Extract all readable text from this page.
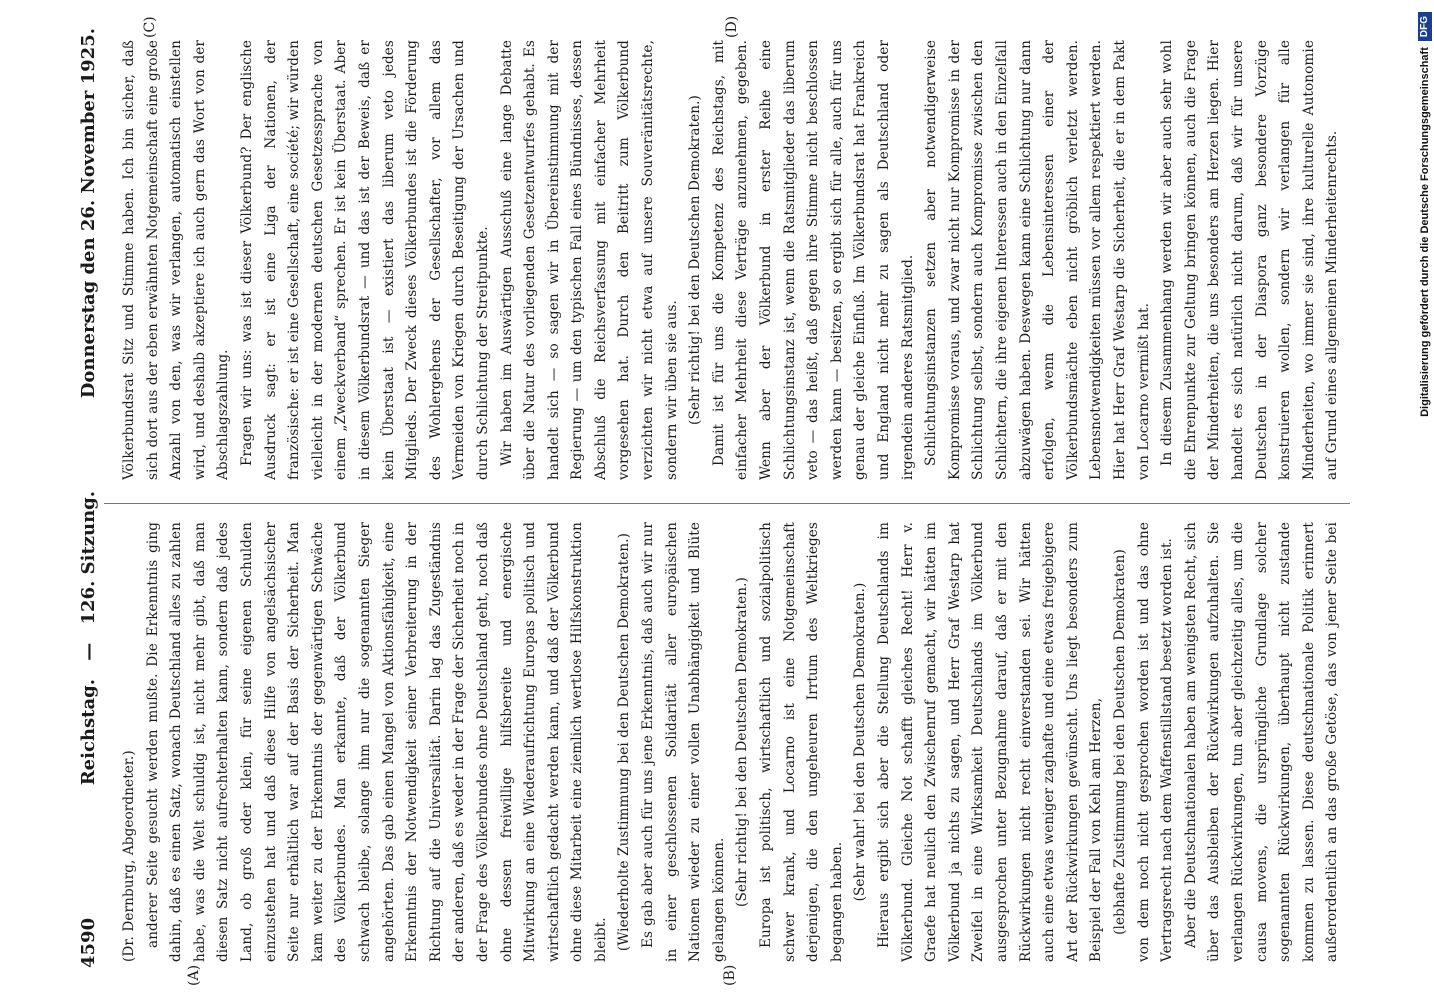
4590
Reichstag. — 126. Sitzung.
Donnerstag den 26. November 1925.

(Dr. Dernburg, Abgeordneter.) anderer Seite gesucht werden mußte. Die Erkenntnis ging dahin, daß es einen Satz, wonach Deutschland alles zu zahlen habe, was die Welt schuldig ist, nicht mehr gibt, daß man diesen Satz nicht aufrechterhalten kann, sondern daß jedes Land, ob groß oder klein, für seine eigenen Schulden einzustehen hat und daß diese Hilfe von angelsächsischer Seite nur erhältlich war auf der Basis der Sicherheit. Man kam weiter zu der Erkenntnis der gegenwärtigen Schwäche des Völkerbundes. Man erkannte, daß der Völkerbund schwach bleibe, solange ihm nur die sogenannten Sieger angehörten. Das gab einen Mangel von Aktionsfähigkeit, eine Erkenntnis der Notwendigkeit seiner Verbreiterung in der Richtung auf die Universalität. Darin lag das Zugeständnis der anderen, daß es weder in der Frage der Sicherheit noch in der Frage des Völkerbundes ohne Deutschland geht, noch daß ohne dessen freiwillige hilfsbereite und energische Mitwirkung an eine Wiederaufrichtung Europas politisch und wirtschaftlich gedacht werden kann, und daß der Völkerbund ohne diese Mitarbeit eine ziemlich wertlose Hilfskonstruktion bleibt. (Wiederholte Zustimmung bei den Deutschen Demokraten.) Es gab aber auch für uns jene Erkenntnis, daß auch wir nur in einer geschlossenen Solidarität aller europäischen Nationen wieder zu einer vollen Unabhängigkeit und Blüte gelangen können. (Sehr richtig! bei den Deutschen Demokraten.) Europa ist politisch, wirtschaftlich und sozialpolitisch schwer krank, und Locarno ist eine Notgemeinschaft derjenigen, die den ungeheuren Irrtum des Weltkrieges begangen haben.

(Sehr wahr! bei den Deutschen Demokraten.) Hieraus ergibt sich aber die Stellung Deutschlands im Völkerbund. Gleiche Not schafft gleiches Recht! Herr v. Graefe hat neulich den Zwischenruf gemacht, wir hätten im Völkerbund ja nichts zu sagen, und Herr Graf Westarp hat Zweifel in eine Wirksamkeit Deutschlands im Völkerbund ausgesprochen unter Bezugnahme darauf, daß er mit den Rückwirkungen nicht recht einverstanden sei. Wir hätten auch eine etwas weniger zaghafte und eine etwas freigebigere Art der Rückwirkungen gewünscht. Uns liegt besonders zum Beispiel der Fall von Kehl am Herzen, (lebhafte Zustimmung bei den Deutschen Demokraten) von dem noch nicht gesprochen worden ist und das ohne Vertragsrecht nach dem Waffenstillstand besetzt worden ist. Aber die Deutschnationalen haben am wenigsten Recht, sich über das Ausbleiben der Rückwirkungen aufzuhalten. Sie verlangen Rückwirkungen, tun aber gleichzeitig alles, um die causa movens, die ursprüngliche Grundlage solcher sogenannten Rückwirkungen, überhaupt nicht zustande kommen zu lassen. Diese deutschnationale Politik erinnert außerordentlich an das große Getöse, das von jener Seite bei

Völkerbundsrat Sitz und Stimme haben. Ich bin sicher, daß sich dort aus der eben erwähnten Notgemeinschaft eine große Anzahl von den, was wir verlangen, automatisch einstellen wird, und deshalb akzeptiere ich auch gern das Wort von der Abschlagszahlung. Fragen wir uns: was ist dieser Völkerbund? Der englische Ausdruck sagt: er ist eine Liga der Nationen, der französische: er ist eine Gesellschaft, eine société; wir würden vielleicht in der modernen deutschen Gesetzessprache von einem „Zweckverband“ sprechen. Er ist kein Überstaat. Aber in diesem Völkerbundsrat — und das ist der Beweis, daß er kein Überstaat ist — existiert das liberum veto jedes Mitglieds. Der Zweck dieses Völkerbundes ist die Förderung des Wohlergehens der Gesellschafter, vor allem das Vermeiden von Kriegen durch Beseitigung der Ursachen und durch Schlichtung der Streitpunkte. Wir haben im Auswärtigen Ausschuß eine lange Debatte über die Natur des vorliegenden Gesetzentwurfes gehabt. Es handelt sich — so sagen wir in Übereinstimmung mit der Regierung — um den typischen Fall eines Bündnisses, dessen Abschluß die Reichsverfassung mit einfacher Mehrheit vorgesehen hat. Durch den Beitritt zum Völkerbund verzichten wir nicht etwa auf unsere Souveränitätsrechte, sondern wir üben sie aus. (Sehr richtig! bei den Deutschen Demokraten.) Damit ist für uns die Kompetenz des Reichstags, mit einfacher Mehrheit diese Verträge anzunehmen, gegeben. Wenn aber der Völkerbund in erster Reihe eine Schlichtungsinstanz ist, wenn die Ratsmitglieder das liberum veto — das heißt, daß gegen ihre Stimme nicht beschlossen werden kann — besitzen, so ergibt sich für alle, auch für uns genau der gleiche Einfluß. Im Völkerbundsrat hat Frankreich und England nicht mehr zu sagen als Deutschland oder irgendein anderes Ratsmitglied. Schlichtungsinstanzen setzen aber notwendigerweise Kompromisse voraus, und zwar nicht nur Kompromisse in der Schlichtung selbst, sondern auch Kompromisse zwischen den Schlichtern, die ihre eigenen Interessen auch in den Einzelfall abzuwägen haben. Deswegen kann eine Schlichtung nur dann erfolgen, wenn die Lebensinteressen einer der Völkerbundsmächte eben nicht gröblich verletzt werden. Lebensnotwendigkeiten müssen vor allem respektiert werden. Hier hat Herr Graf Westarp die Sicherheit, die er in dem Pakt von Locarno vermißt hat. In diesem Zusammenhang werden wir aber auch sehr wohl die Ehrenpunkte zur Geltung bringen können, auch die Frage der Minderheiten, die uns besonders am Herzen liegen. Hier handelt es sich natürlich nicht darum, daß wir für unsere Deutschen in der Diaspora ganz besondere Vorzüge konstruieren wollen, sondern wir verlangen für alle Minderheiten, wo immer sie sind, ihre kulturelle Autonomie auf Grund eines allgemeinen Minderheitenrechts.

(A)	(B)
(C)	(D)
Digitalisierung gefördert durch die Deutsche Forschungsgemeinschaft
DFG
